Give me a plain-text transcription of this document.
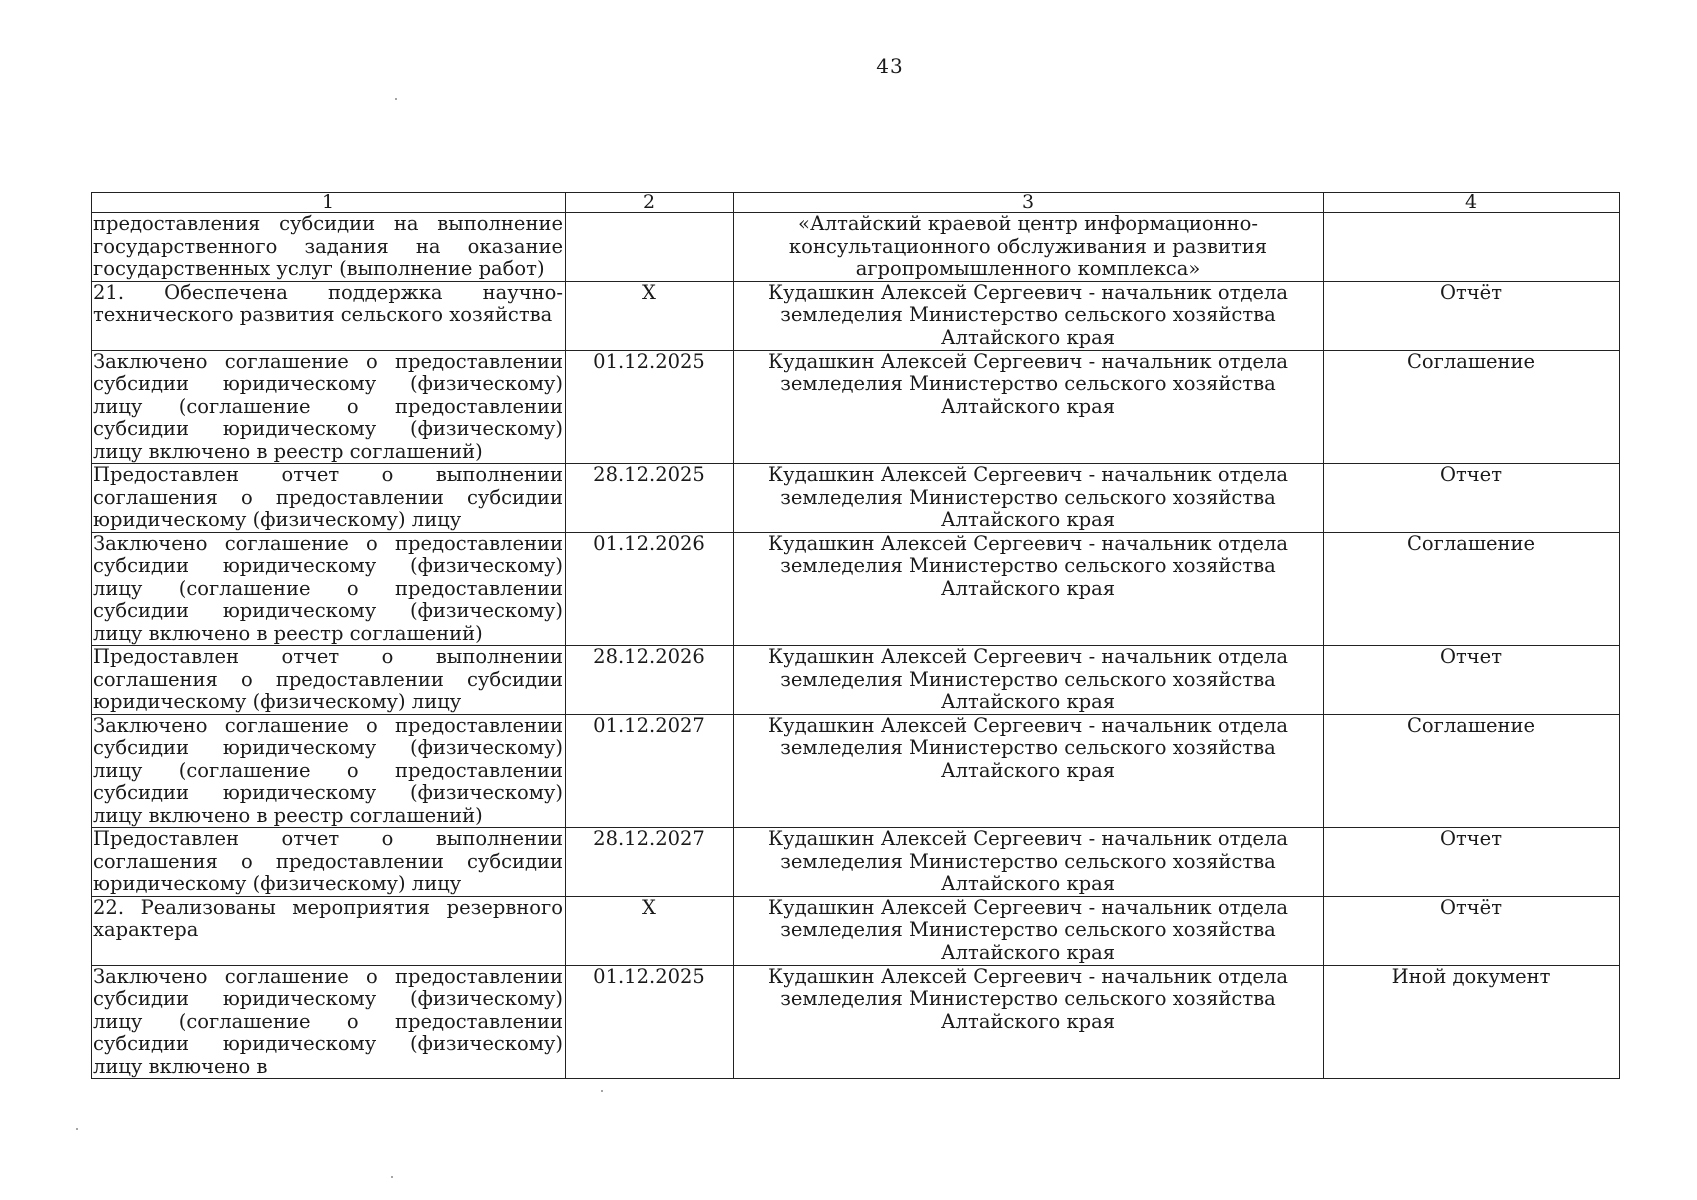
43
1	2	3	4
предоставления субсидии на выполнение государственного задания на оказание государственных услуг (выполнение работ)		«Алтайский краевой центр информационно-консультационного обслуживания и развития агропромышленного комплекса»	
21. Обеспечена поддержка научно-технического развития сельского хозяйства	X	Кудашкин Алексей Сергеевич - начальник отдела земледелия Министерство сельского хозяйства Алтайского края	Отчёт
Заключено соглашение о предоставлении субсидии юридическому (физическому) лицу (соглашение о предоставлении субсидии юридическому (физическому) лицу включено в реестр соглашений)	01.12.2025	Кудашкин Алексей Сергеевич - начальник отдела земледелия Министерство сельского хозяйства Алтайского края	Соглашение
Предоставлен отчет о выполнении соглашения о предоставлении субсидии юридическому (физическому) лицу	28.12.2025	Кудашкин Алексей Сергеевич - начальник отдела земледелия Министерство сельского хозяйства Алтайского края	Отчет
Заключено соглашение о предоставлении субсидии юридическому (физическому) лицу (соглашение о предоставлении субсидии юридическому (физическому) лицу включено в реестр соглашений)	01.12.2026	Кудашкин Алексей Сергеевич - начальник отдела земледелия Министерство сельского хозяйства Алтайского края	Соглашение
Предоставлен отчет о выполнении соглашения о предоставлении субсидии юридическому (физическому) лицу	28.12.2026	Кудашкин Алексей Сергеевич - начальник отдела земледелия Министерство сельского хозяйства Алтайского края	Отчет
Заключено соглашение о предоставлении субсидии юридическому (физическому) лицу (соглашение о предоставлении субсидии юридическому (физическому) лицу включено в реестр соглашений)	01.12.2027	Кудашкин Алексей Сергеевич - начальник отдела земледелия Министерство сельского хозяйства Алтайского края	Соглашение
Предоставлен отчет о выполнении соглашения о предоставлении субсидии юридическому (физическому) лицу	28.12.2027	Кудашкин Алексей Сергеевич - начальник отдела земледелия Министерство сельского хозяйства Алтайского края	Отчет
22. Реализованы мероприятия резервного характера	X	Кудашкин Алексей Сергеевич - начальник отдела земледелия Министерство сельского хозяйства Алтайского края	Отчёт
Заключено соглашение о предоставлении субсидии юридическому (физическому) лицу (соглашение о предоставлении субсидии юридическому (физическому) лицу включено в	01.12.2025	Кудашкин Алексей Сергеевич - начальник отдела земледелия Министерство сельского хозяйства Алтайского края	Иной документ
